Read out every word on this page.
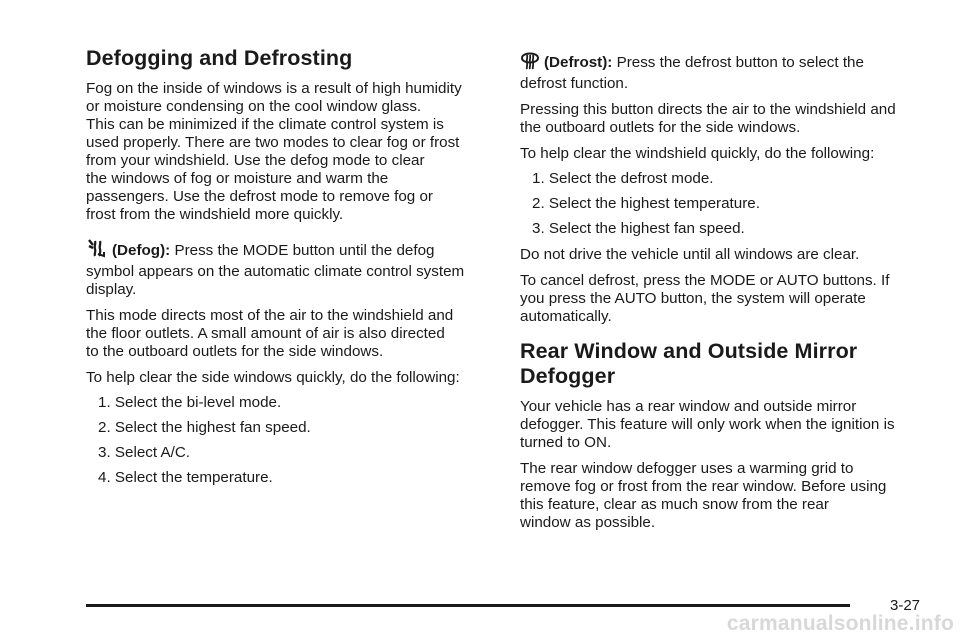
Defogging and Defrosting

Fog on the inside of windows is a result of high humidity
or moisture condensing on the cool window glass.
This can be minimized if the climate control system is
used properly. There are two modes to clear fog or frost
from your windshield. Use the defog mode to clear
the windows of fog or moisture and warm the
passengers. Use the defrost mode to remove fog or
frost from the windshield more quickly.

(Defog): Press the MODE button until the defog
symbol appears on the automatic climate control system
display.

This mode directs most of the air to the windshield and
the floor outlets. A small amount of air is also directed
to the outboard outlets for the side windows.

To help clear the side windows quickly, do the following:

1. Select the bi-level mode.

2. Select the highest fan speed.

3. Select A/C.

4. Select the temperature.

(Defrost): Press the defrost button to select the
defrost function.

Pressing this button directs the air to the windshield and
the outboard outlets for the side windows.

To help clear the windshield quickly, do the following:

1. Select the defrost mode.

2. Select the highest temperature.

3. Select the highest fan speed.

Do not drive the vehicle until all windows are clear.

To cancel defrost, press the MODE or AUTO buttons. If
you press the AUTO button, the system will operate
automatically.

Rear Window and Outside Mirror
Defogger

Your vehicle has a rear window and outside mirror
defogger. This feature will only work when the ignition is
turned to ON.

The rear window defogger uses a warming grid to
remove fog or frost from the rear window. Before using
this feature, clear as much snow from the rear
window as possible.

3-27
carmanualsonline.info
